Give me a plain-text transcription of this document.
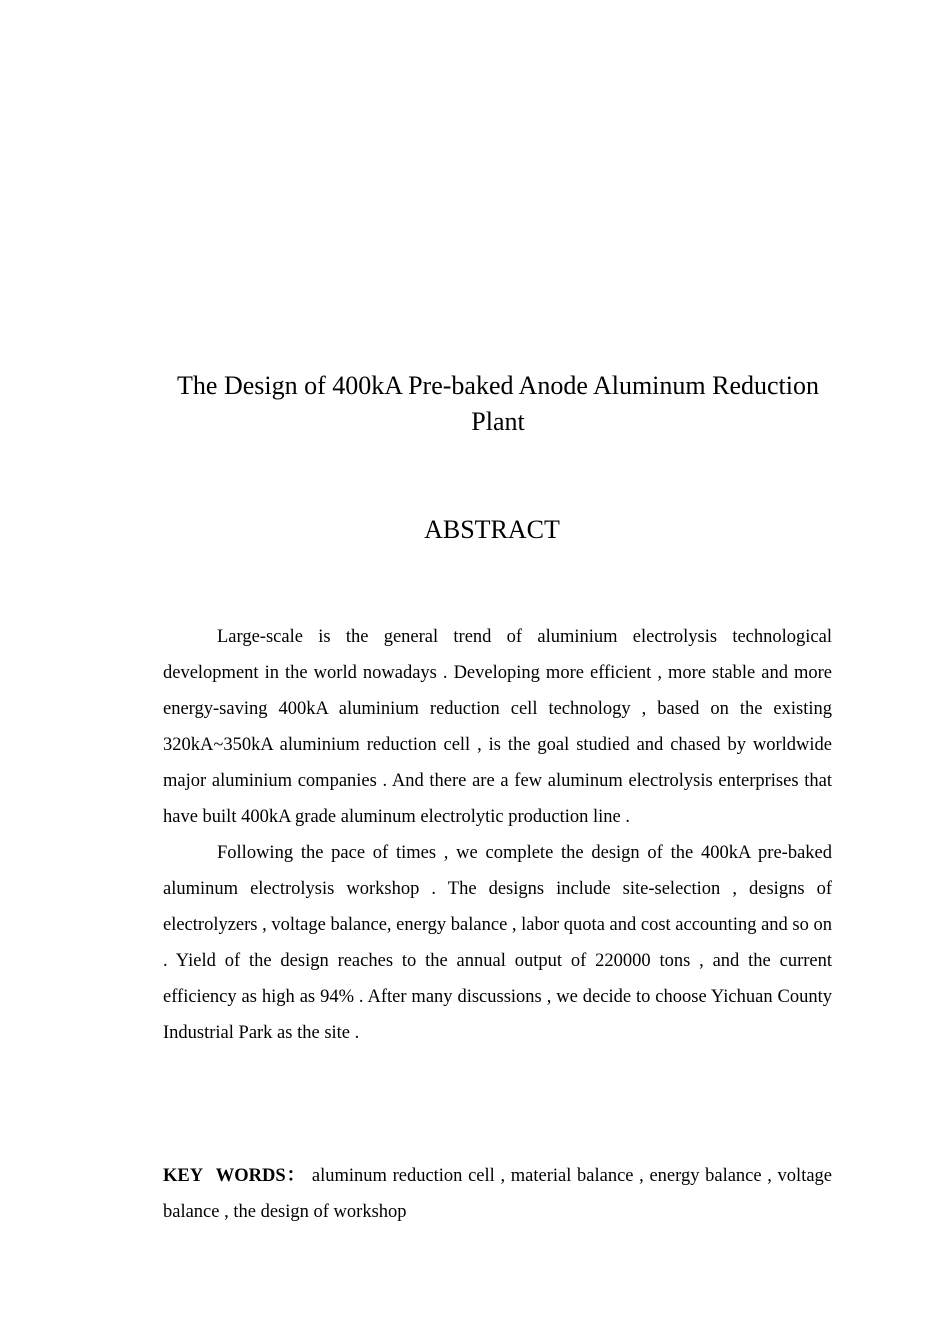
The Design of 400kA Pre-baked Anode Aluminum Reduction Plant
ABSTRACT

Large-scale is the general trend of aluminium electrolysis technological development in the world nowadays . Developing more efficient , more stable and more energy-saving 400kA aluminium reduction cell technology , based on the existing 320kA~350kA aluminium reduction cell , is the goal studied and chased by worldwide major aluminium companies . And there are a few aluminum electrolysis enterprises that have built 400kA grade aluminum electrolytic production line .

Following the pace of times , we complete the design of the 400kA pre-baked aluminum electrolysis workshop . The designs include site-selection , designs of electrolyzers , voltage balance, energy balance , labor quota and cost accounting and so on . Yield of the design reaches to the annual output of 220000 tons , and the current efficiency as high as 94% . After many discussions , we decide to choose Yichuan County Industrial Park as the site .

KEY WORDS： aluminum reduction cell , material balance , energy balance , voltage balance , the design of workshop
